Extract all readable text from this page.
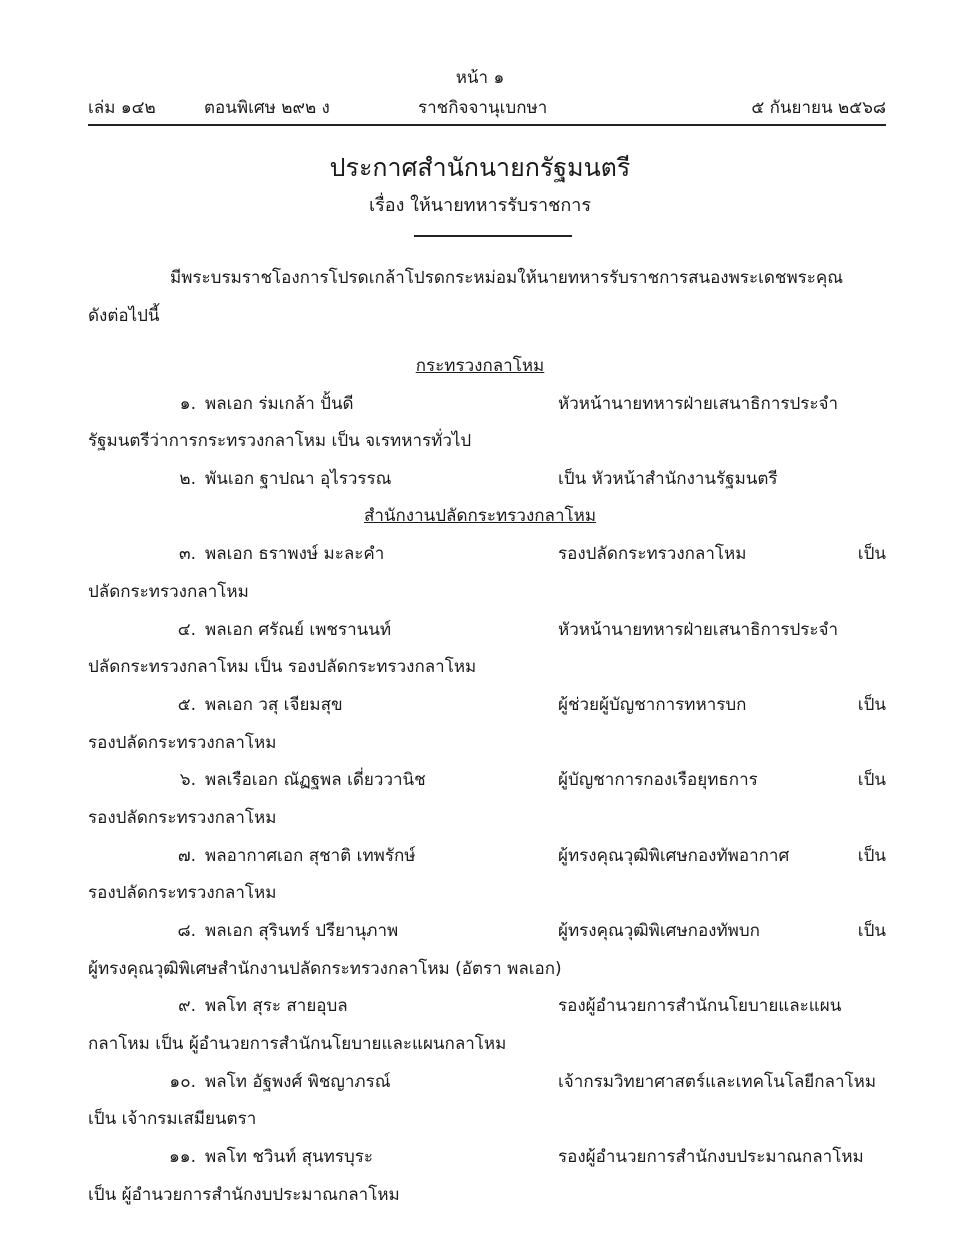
หน้า ๑
เล่ม ๑๔๒	ตอนพิเศษ ๒๙๒ ง	ราชกิจจานุเบกษา	๕ กันยายน ๒๕๖๘
ประกาศสำนักนายกรัฐมนตรี
เรื่อง ให้นายทหารรับราชการ
มีพระบรมราชโองการโปรดเกล้าโปรดกระหม่อมให้นายทหารรับราชการสนองพระเดชพระคุณ
ดังต่อไปนี้
กระทรวงกลาโหม
๑. พลเอก ร่มเกล้า ปั้นดี	หัวหน้านายทหารฝ่ายเสนาธิการประจำ
รัฐมนตรีว่าการกระทรวงกลาโหม เป็น จเรทหารทั่วไป
๒. พันเอก ฐาปณา อุไรวรรณ	เป็น หัวหน้าสำนักงานรัฐมนตรี
สำนักงานปลัดกระทรวงกลาโหม
๓. พลเอก ธราพงษ์ มะละคำ	รองปลัดกระทรวงกลาโหม เป็น
ปลัดกระทรวงกลาโหม
๔. พลเอก ศรัณย์ เพชรานนท์	หัวหน้านายทหารฝ่ายเสนาธิการประจำ
ปลัดกระทรวงกลาโหม เป็น รองปลัดกระทรวงกลาโหม
๕. พลเอก วสุ เจียมสุข	ผู้ช่วยผู้บัญชาการทหารบก เป็น
รองปลัดกระทรวงกลาโหม
๖. พลเรือเอก ณัฏฐพล เดี่ยววานิช	ผู้บัญชาการกองเรือยุทธการ เป็น
รองปลัดกระทรวงกลาโหม
๗. พลอากาศเอก สุชาติ เทพรักษ์	ผู้ทรงคุณวุฒิพิเศษกองทัพอากาศ เป็น
รองปลัดกระทรวงกลาโหม
๘. พลเอก สุรินทร์ ปรียานุภาพ	ผู้ทรงคุณวุฒิพิเศษกองทัพบก เป็น
ผู้ทรงคุณวุฒิพิเศษสำนักงานปลัดกระทรวงกลาโหม (อัตรา พลเอก)
๙. พลโท สุระ สายอุบล	รองผู้อำนวยการสำนักนโยบายและแผน
กลาโหม เป็น ผู้อำนวยการสำนักนโยบายและแผนกลาโหม
๑๐. พลโท อัฐพงศ์ พิชญาภรณ์	เจ้ากรมวิทยาศาสตร์และเทคโนโลยีกลาโหม
เป็น เจ้ากรมเสมียนตรา
๑๑. พลโท ชวินท์ สุนทรบุระ	รองผู้อำนวยการสำนักงบประมาณกลาโหม
เป็น ผู้อำนวยการสำนักงบประมาณกลาโหม
